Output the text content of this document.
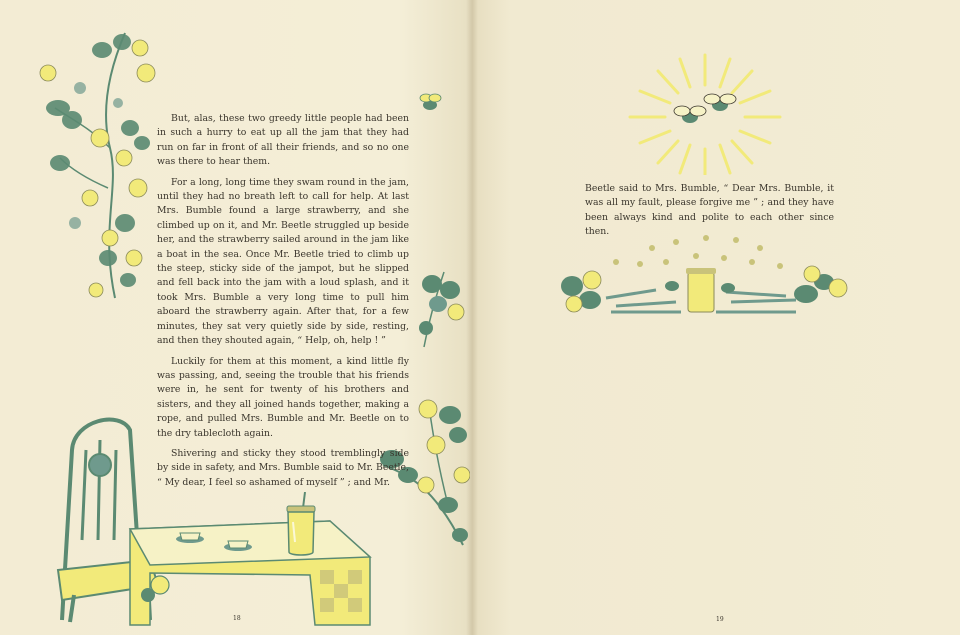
But, alas, these two greedy little people had been in such a hurry to eat up all the jam that they had run on far in front of all their friends, and so no one was there to hear them.

For a long, long time they swam round in the jam, until they had no breath left to call for help. At last Mrs. Bumble found a large strawberry, and she climbed up on it, and Mr. Beetle struggled up beside her, and the strawberry sailed around in the jam like a boat in the sea. Once Mr. Beetle tried to climb up the steep, sticky side of the jampot, but he slipped and fell back into the jam with a loud splash, and it took Mrs. Bumble a very long time to pull him aboard the strawberry again. After that, for a few minutes, they sat very quietly side by side, resting, and then they shouted again, “ Help, oh, help ! ”

Luckily for them at this moment, a kind little fly was passing, and, seeing the trouble that his friends were in, he sent for twenty of his brothers and sisters, and they all joined hands together, making a rope, and pulled Mrs. Bumble and Mr. Beetle on to the dry tablecloth again.

Shivering and sticky they stood tremblingly side by side in safety, and Mrs. Bumble said to Mr. Beetle, “ My dear, I feel so ashamed of myself ” ; and Mr.

18

Beetle said to Mrs. Bumble, “ Dear Mrs. Bumble, it was all my fault, please forgive me ” ; and they have been always kind and polite to each other since then.

19
